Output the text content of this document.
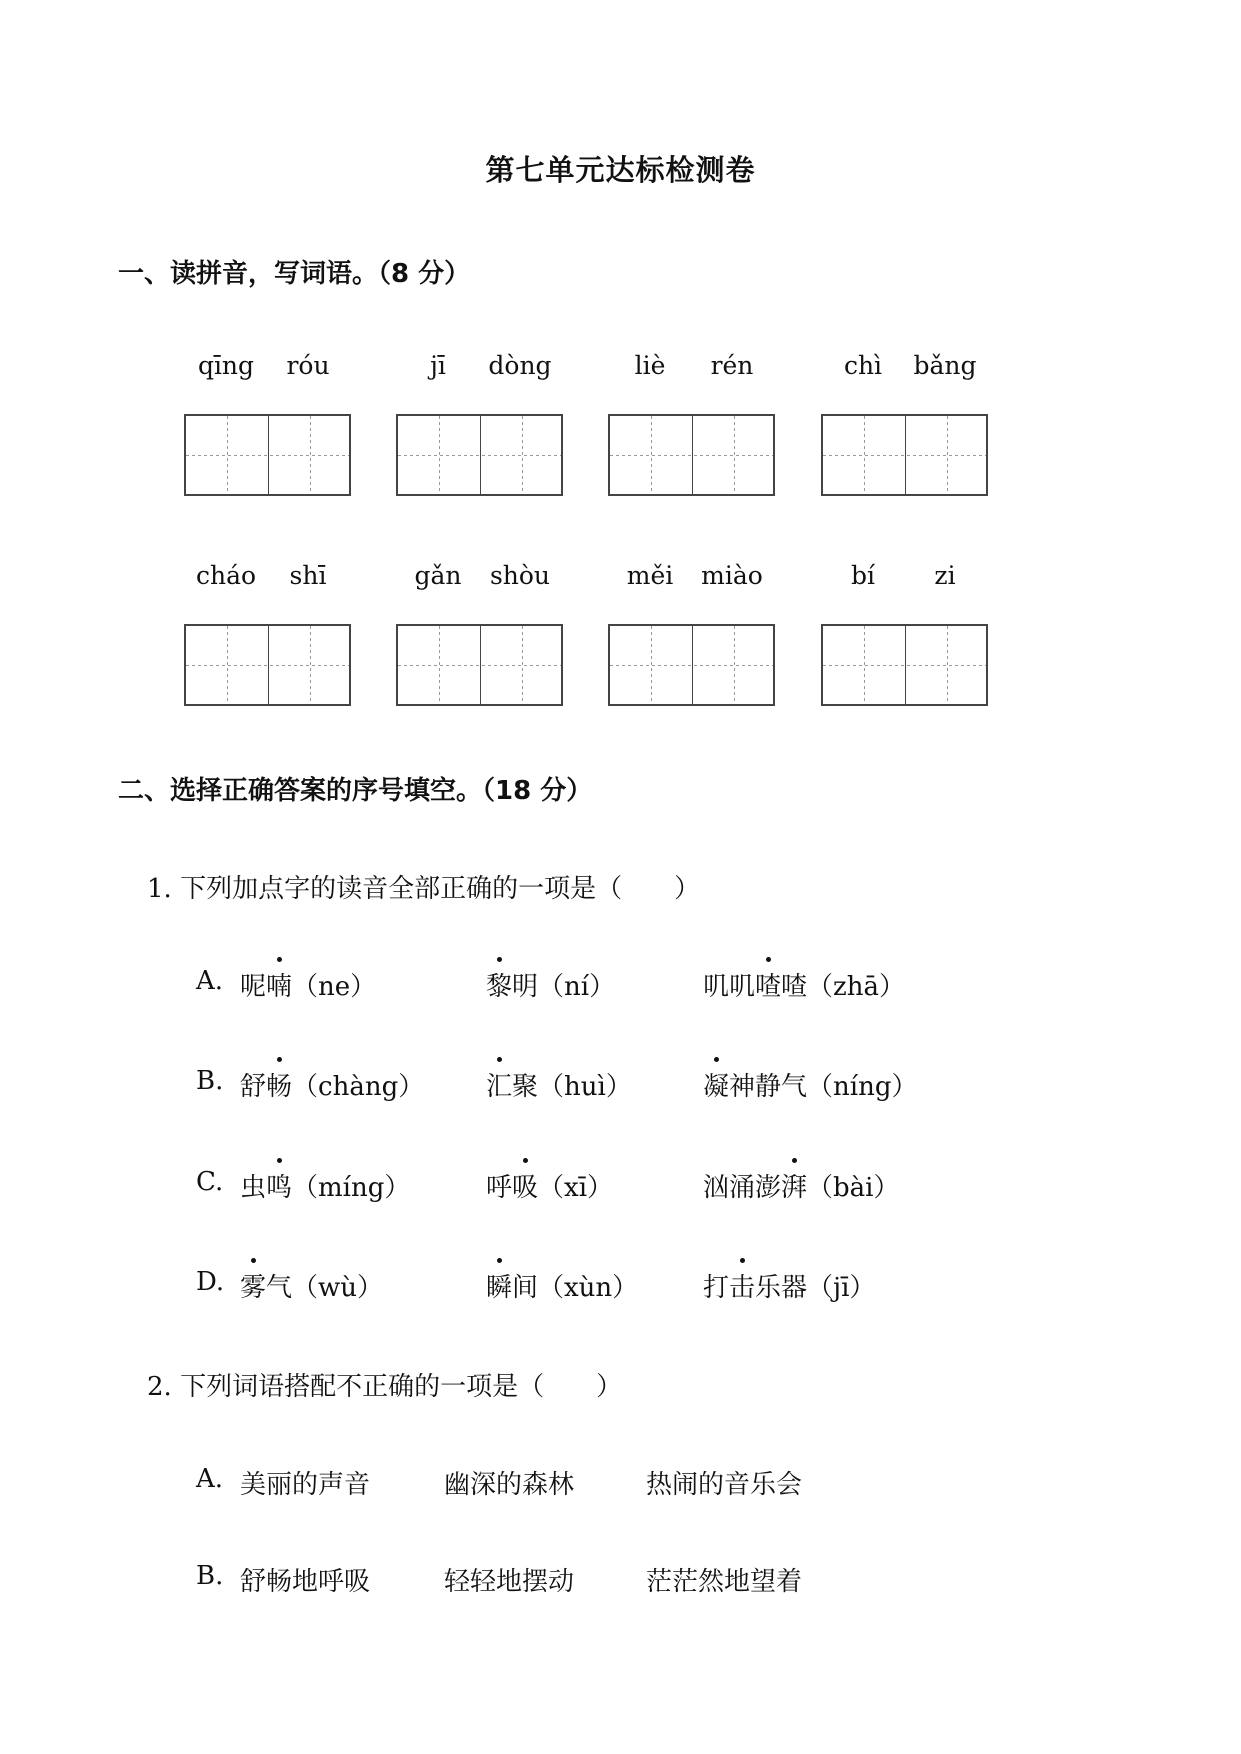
第七单元达标检测卷
一、读拼音，写词语。（8 分）
qīng	róu	jī	dòng	liè	rén	chì	bǎng
cháo	shī	gǎn	shòu	měi	miào	bí	zi
二、选择正确答案的序号填空。（18 分）
1. 下列加点字的读音全部正确的一项是（　　）
A. 呢喃（ne）	黎明（ní）	叽叽喳喳（zhā）
B. 舒畅（chàng） 汇聚（huì）	凝神静气（níng）
C. 虫鸣（míng）	呼吸（xī）	汹涌澎湃（bài）
D. 雾气（wù）	瞬间（xùn） 打击乐器（jī）
2. 下列词语搭配不正确的一项是（　　）
A. 美丽的声音	幽深的森林	热闹的音乐会
B. 舒畅地呼吸	轻轻地摆动	茫茫然地望着
